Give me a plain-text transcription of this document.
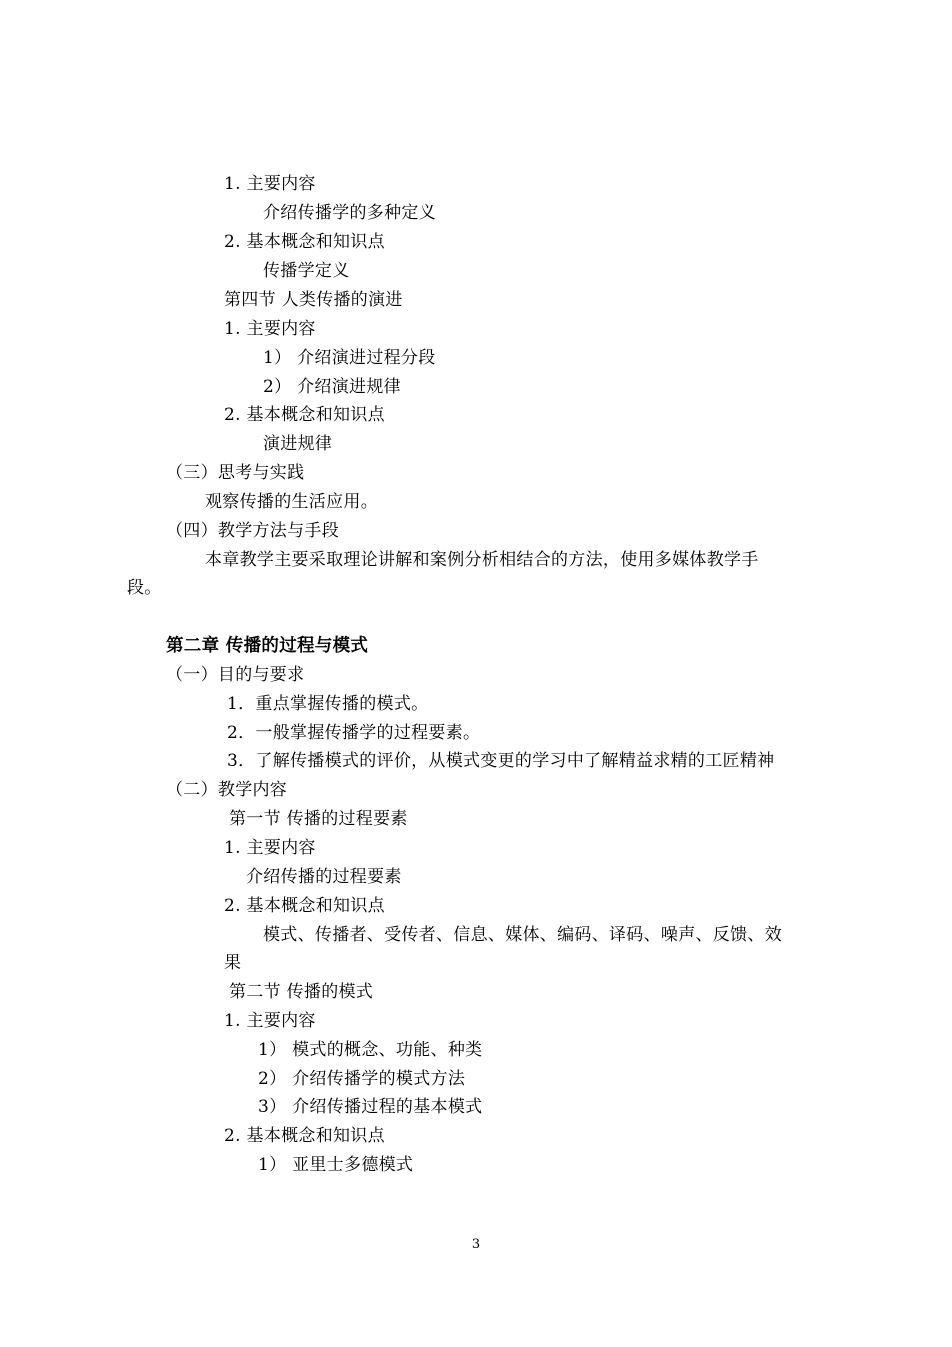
1. 主要内容
介绍传播学的多种定义
2. 基本概念和知识点
传播学定义
第四节 人类传播的演进
1. 主要内容
1） 介绍演进过程分段
2） 介绍演进规律
2. 基本概念和知识点
演进规律
（三）思考与实践
观察传播的生活应用。
（四）教学方法与手段
本章教学主要采取理论讲解和案例分析相结合的方法，使用多媒体教学手
段。
第二章 传播的过程与模式
（一）目的与要求
1．重点掌握传播的模式。
2．一般掌握传播学的过程要素。
3．了解传播模式的评价，从模式变更的学习中了解精益求精的工匠精神
（二）教学内容
第一节 传播的过程要素
1. 主要内容
介绍传播的过程要素
2. 基本概念和知识点
模式、传播者、受传者、信息、媒体、编码、译码、噪声、反馈、效
果
第二节 传播的模式
1. 主要内容
1） 模式的概念、功能、种类
2） 介绍传播学的模式方法
3） 介绍传播过程的基本模式
2. 基本概念和知识点
1） 亚里士多德模式
3
